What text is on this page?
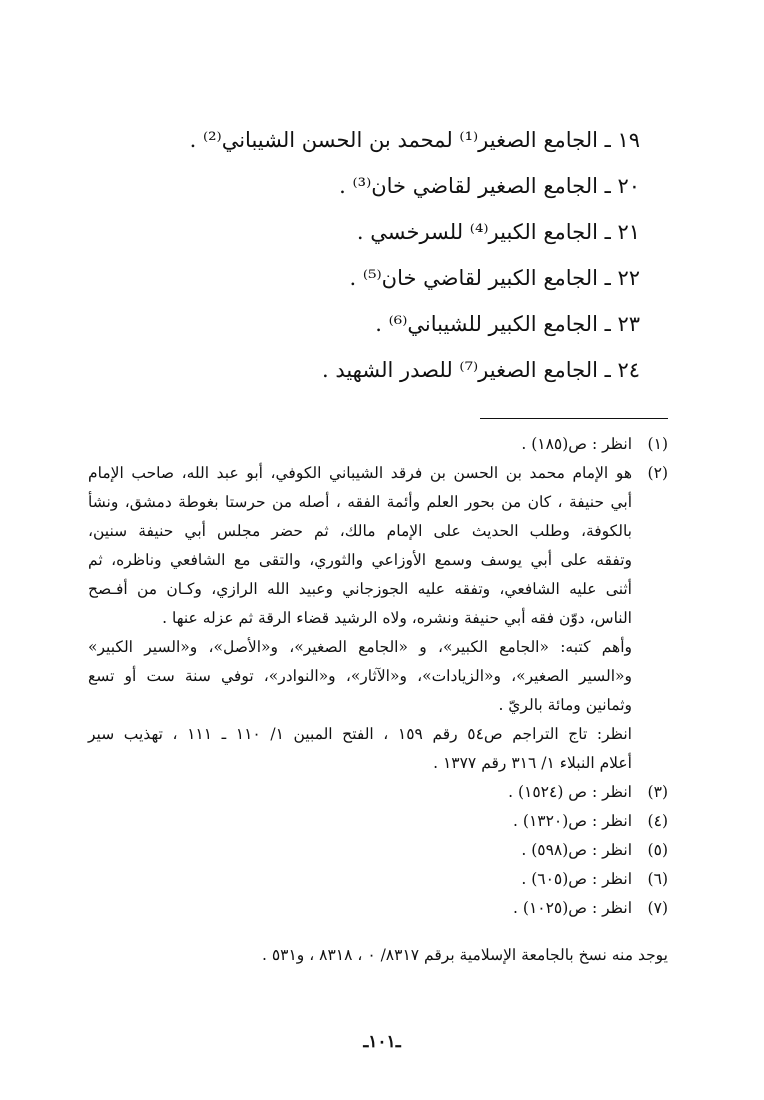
١٩ ـ الجامع الصغير⁽¹⁾ لمحمد بن الحسن الشيباني⁽²⁾ .
٢٠ ـ الجامع الصغير لقاضي خان⁽³⁾ .
٢١ ـ الجامع الكبير⁽⁴⁾ للسرخسي .
٢٢ ـ الجامع الكبير لقاضي خان⁽⁵⁾ .
٢٣ ـ الجامع الكبير للشيباني⁽⁶⁾ .
٢٤ ـ الجامع الصغير⁽⁷⁾ للصدر الشهيد .
(١)
انظر : ص(١٨٥) .
(٢)
هو الإمام محمد بن الحسن بن فرقد الشيباني الكوفي، أبو عبد الله، صاحب الإمام
أبي حنيفة ، كان من بحور العلم وأئمة الفقه ، أصله من حرستا بغوطة دمشق، ونشأ
بالكوفة، وطلب الحديث على الإمام مالك، ثم حضر مجلس أبي حنيفة سنين،
وتفقه على أبي يوسف وسمع الأوزاعي والثوري، والتقى مع الشافعي وناظره، ثم
أثنى عليه الشافعي، وتفقه عليه الجوزجاني وعبيد الله الرازي، وكـان من أفـصح
الناس، دوّن فقه أبي حنيفة ونشره، ولاه الرشيد قضاء الرقة ثم عزله عنها .
وأهم كتبه: «الجامع الكبير»، و «الجامع الصغير»، و«الأصل»، و«السير الكبير»
و«السير الصغير»، و«الزيادات»، و«الآثار»، و«النوادر»، توفي سنة ست أو تسع
وثمانين ومائة بالريّ .
انظر: تاج التراجم ص٥٤ رقم ١٥٩ ، الفتح المبين ١/ ١١٠ ـ ١١١ ، تهذيب سير
أعلام النبلاء ١/ ٣١٦ رقم ١٣٧٧ .
(٣)
انظر : ص (١٥٢٤) .
(٤)
انظر : ص(١٣٢٠) .
(٥)
انظر : ص(٥٩٨) .
(٦)
انظر : ص(٦٠٥) .
(٧)
انظر : ص(١٠٢٥) .
يوجد منه نسخ بالجامعة الإسلامية برقم ٨٣١٧/ ٠ ، ٨٣١٨ ، و٥٣١ .
ـ١٠١ـ
